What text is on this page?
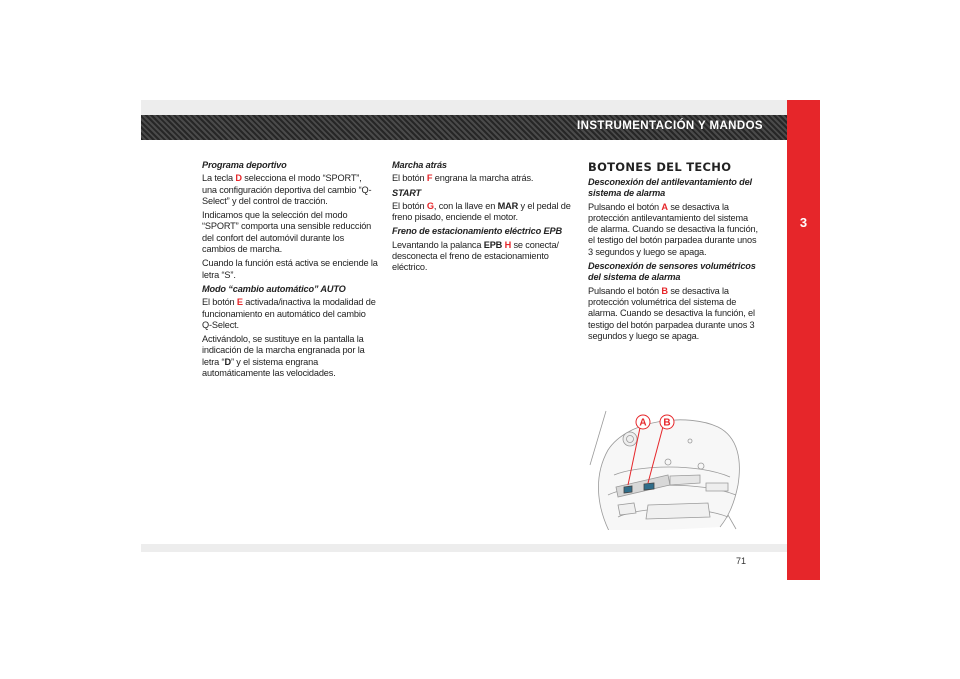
INSTRUMENTACIÓN Y MANDOS
3
71

Programa deportivo

La tecla D selecciona el modo “SPORT”, una configuración deportiva del cambio “Q-Select” y del control de tracción.

Indicamos que la selección del modo “SPORT” comporta una sensible reducción del confort del automóvil durante los cambios de marcha.

Cuando la función está activa se enciende la letra “S”.

Modo “cambio automático” AUTO

El botón E activada/inactiva la modalidad de funcionamiento en automático del cambio Q-Select.

Activándolo, se sustituye en la pantalla la indicación de la marcha engranada por la letra “D” y el sistema engrana automáticamente las velocidades.

Marcha atrás

El botón F engrana la marcha atrás.

START

El botón G, con la llave en MAR y el pedal de freno pisado, enciende el motor.

Freno de estacionamiento eléctrico EPB

Levantando la palanca EPB H se conecta/ desconecta el freno de estacionamiento eléctrico.

BOTONES DEL TECHO

Desconexión del antilevantamiento del sistema de alarma

Pulsando el botón A se desactiva la protección antilevantamiento del sistema de alarma. Cuando se desactiva la función, el testigo del botón parpadea durante unos 3 segundos y luego se apaga.

Desconexión de sensores volumétricos del sistema de alarma

Pulsando el botón B se desactiva la protección volumétrica del sistema de alarma. Cuando se desactiva la función, el testigo del botón parpadea durante unos 3 segundos y luego se apaga.

A B
